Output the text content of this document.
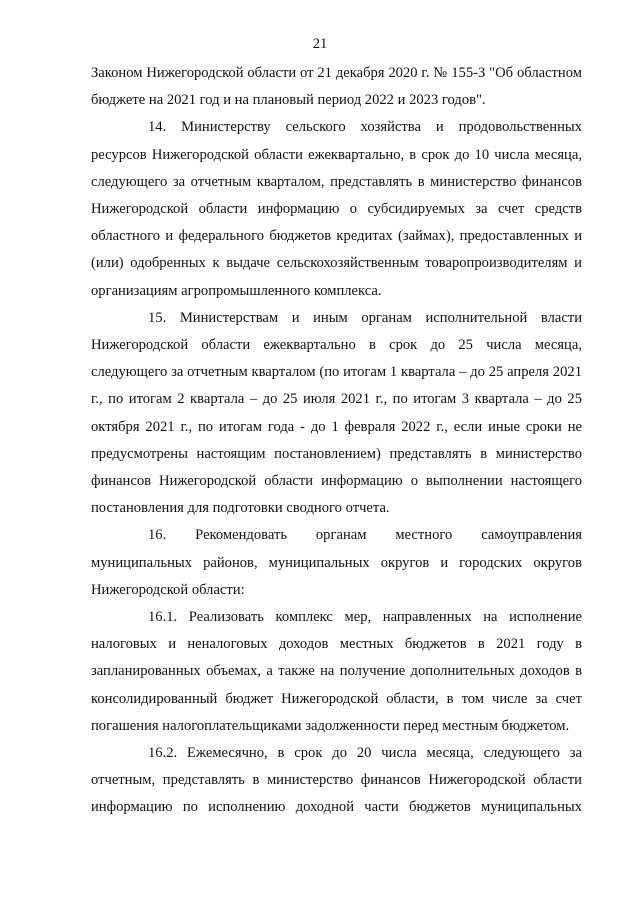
21

Законом Нижегородской области от 21 декабря 2020 г. № 155-З "Об областном бюджете на 2021 год и на плановый период 2022 и 2023 годов".

14. Министерству сельского хозяйства и продовольственных ресурсов Нижегородской области ежеквартально, в срок до 10 числа месяца, следующего за отчетным кварталом, представлять в министерство финансов Нижегородской области информацию о субсидируемых за счет средств областного и федерального бюджетов кредитах (займах), предоставленных и (или) одобренных к выдаче сельскохозяйственным товаропроизводителям и организациям агропромышленного комплекса.

15. Министерствам и иным органам исполнительной власти Нижегородской области ежеквартально в срок до 25 числа месяца, следующего за отчетным кварталом (по итогам 1 квартала – до 25 апреля 2021 г., по итогам 2 квартала – до 25 июля 2021 г., по итогам 3 квартала – до 25 октября 2021 г., по итогам года - до 1 февраля 2022 г., если иные сроки не предусмотрены настоящим постановлением) представлять в министерство финансов Нижегородской области информацию о выполнении настоящего постановления для подготовки сводного отчета.

16. Рекомендовать органам местного самоуправления муниципальных районов, муниципальных округов и городских округов Нижегородской области:

16.1. Реализовать комплекс мер, направленных на исполнение налоговых и неналоговых доходов местных бюджетов в 2021 году в запланированных объемах, а также на получение дополнительных доходов в консолидированный бюджет Нижегородской области, в том числе за счет погашения налогоплательщиками задолженности перед местным бюджетом.

16.2. Ежемесячно, в срок до 20 числа месяца, следующего за отчетным, представлять в министерство финансов Нижегородской области информацию по исполнению доходной части бюджетов муниципальных
